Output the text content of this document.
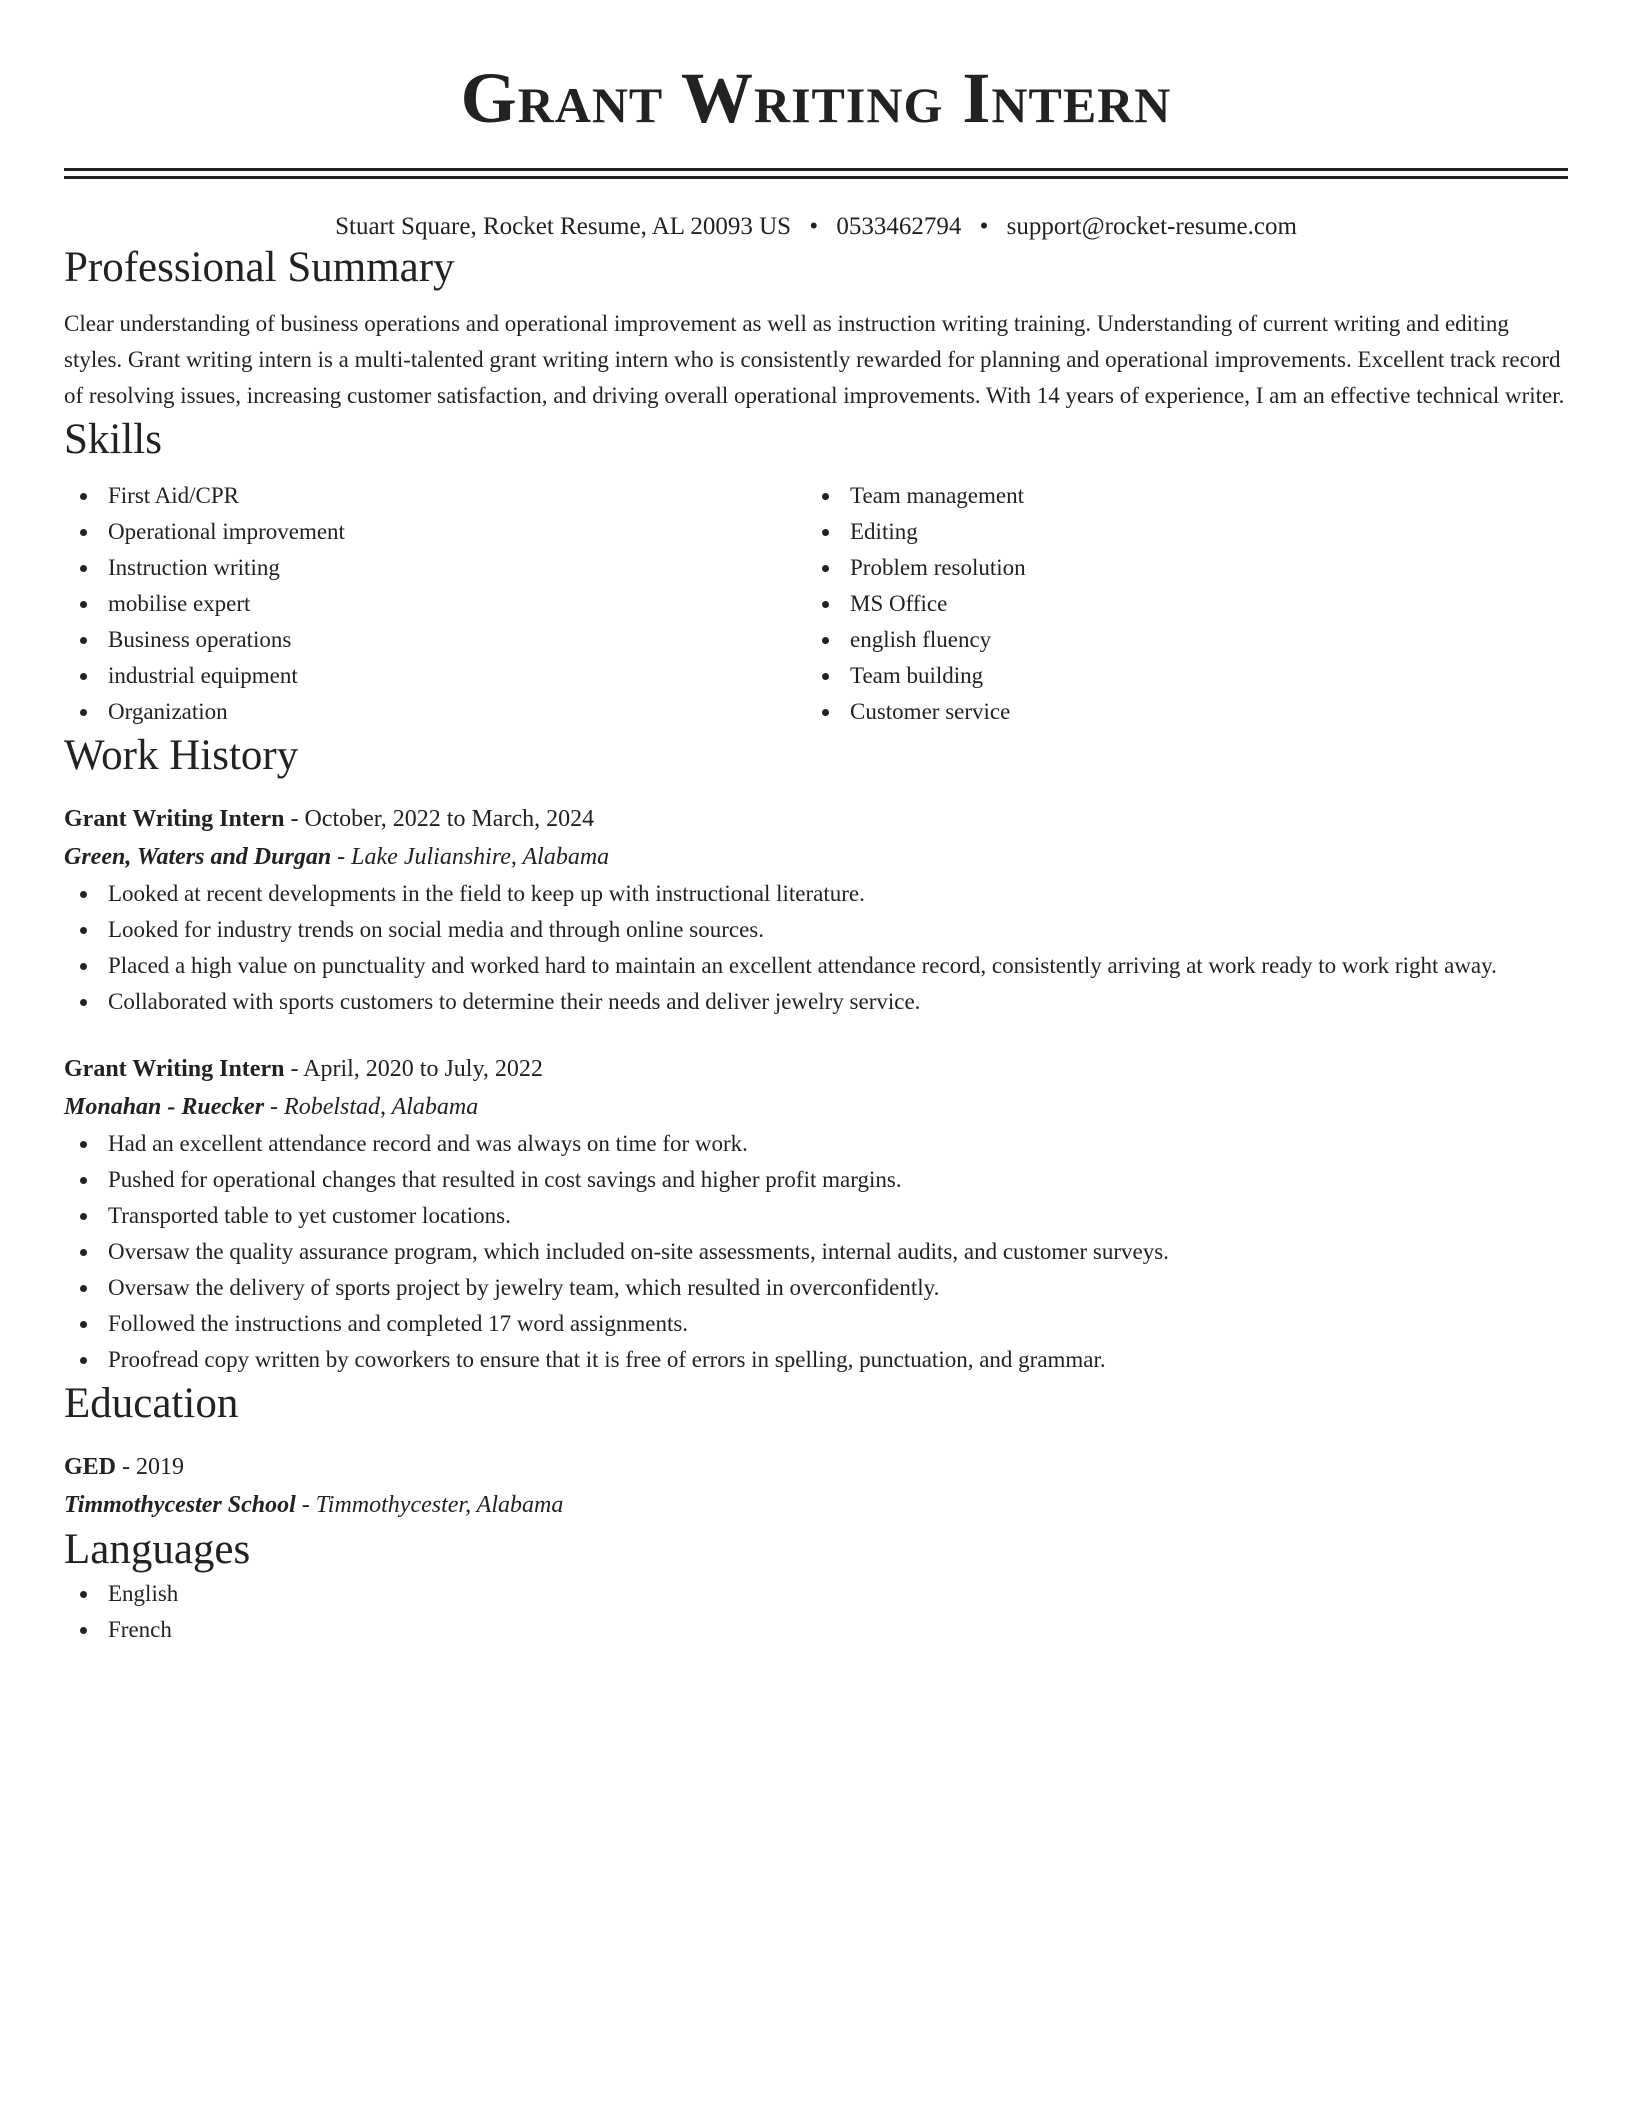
Grant Writing Intern
Stuart Square, Rocket Resume, AL 20093 US • 0533462794 • support@rocket-resume.com
Professional Summary
Clear understanding of business operations and operational improvement as well as instruction writing training. Understanding of current writing and editing styles. Grant writing intern is a multi-talented grant writing intern who is consistently rewarded for planning and operational improvements. Excellent track record of resolving issues, increasing customer satisfaction, and driving overall operational improvements. With 14 years of experience, I am an effective technical writer.
Skills
First Aid/CPR
Operational improvement
Instruction writing
mobilise expert
Business operations
industrial equipment
Organization
Team management
Editing
Problem resolution
MS Office
english fluency
Team building
Customer service
Work History
Grant Writing Intern - October, 2022 to March, 2024
Green, Waters and Durgan - Lake Julianshire, Alabama
Looked at recent developments in the field to keep up with instructional literature.
Looked for industry trends on social media and through online sources.
Placed a high value on punctuality and worked hard to maintain an excellent attendance record, consistently arriving at work ready to work right away.
Collaborated with sports customers to determine their needs and deliver jewelry service.
Grant Writing Intern - April, 2020 to July, 2022
Monahan - Ruecker - Robelstad, Alabama
Had an excellent attendance record and was always on time for work.
Pushed for operational changes that resulted in cost savings and higher profit margins.
Transported table to yet customer locations.
Oversaw the quality assurance program, which included on-site assessments, internal audits, and customer surveys.
Oversaw the delivery of sports project by jewelry team, which resulted in overconfidently.
Followed the instructions and completed 17 word assignments.
Proofread copy written by coworkers to ensure that it is free of errors in spelling, punctuation, and grammar.
Education
GED - 2019
Timmothycester School - Timmothycester, Alabama
Languages
English
French
